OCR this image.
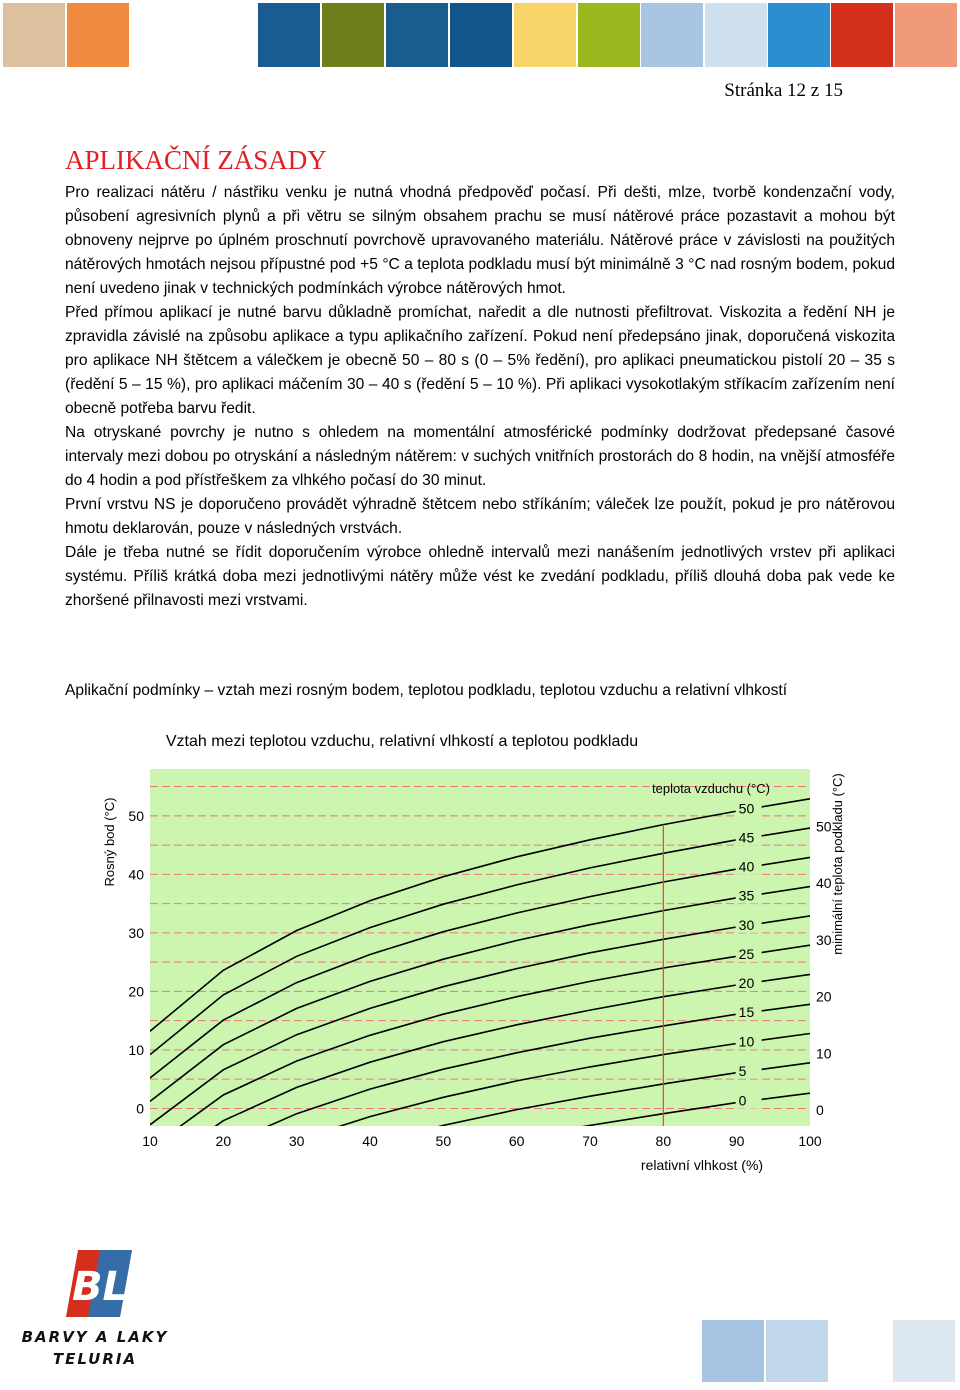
Stránka 12 z 15
APLIKAČNÍ ZÁSADY

Pro realizaci nátěru / nástřiku venku je nutná vhodná předpověď počasí. Při dešti, mlze, tvorbě kondenzační vody, působení agresivních plynů a při větru se silným obsahem prachu se musí nátěrové práce pozastavit a mohou být obnoveny nejprve po úplném proschnutí povrchově upravovaného materiálu. Nátěrové práce v závislosti na použitých nátěrových hmotách nejsou přípustné pod +5 °C a teplota podkladu musí být minimálně 3 °C nad rosným bodem, pokud není uvedeno jinak v technických podmínkách výrobce nátěrových hmot.

Před přímou aplikací je nutné barvu důkladně promíchat, naředit a dle nutnosti přefiltrovat. Viskozita a ředění NH je zpravidla závislé na způsobu aplikace a typu aplikačního zařízení. Pokud není předepsáno jinak, doporučená viskozita pro aplikace NH štětcem a válečkem je obecně 50 – 80 s (0 – 5% ředění), pro aplikaci pneumatickou pistolí 20 – 35 s (ředění 5 – 15 %), pro aplikaci máčením 30 – 40 s (ředění 5 – 10 %). Při aplikaci vysokotlakým stříkacím zařízením není obecně potřeba barvu ředit.

Na otryskané povrchy je nutno s ohledem na momentální atmosférické podmínky dodržovat předepsané časové intervaly mezi dobou po otryskání a následným nátěrem: v suchých vnitřních prostorách do 8 hodin, na vnější atmosféře do 4 hodin a pod přístřeškem za vlhkého počasí do 30 minut.

První vrstvu NS je doporučeno provádět výhradně štětcem nebo stříkáním; váleček lze použít, pokud je pro nátěrovou hmotu deklarován, pouze v následných vrstvách.

Dále je třeba nutné se řídit doporučením výrobce ohledně intervalů mezi nanášením jednotlivých vrstev při aplikaci systému. Příliš krátká doba mezi jednotlivými nátěry může vést ke zvedání podkladu, příliš dlouhá doba pak vede ke zhoršené přilnavosti mezi vrstvami.

Aplikační podmínky – vztah mezi rosným bodem, teplotou podkladu, teplotou vzduchu a relativní vlhkostí
Vztah mezi teplotou vzduchu, relativní vlhkostí a teplotou podkladu
0
5
10
15
20
25
30
35
40
45
50
0
10
20
30
40
50
0
10
20
30
40
50
10	20	30	40	50	60	70	80	90	100
teplota vzduchu (°C)
Rosný bod (°C)	minimální teplota podkladu (°C)
relativní vlhkost (%)
BL
BARVY A LAKY
TELURIA
